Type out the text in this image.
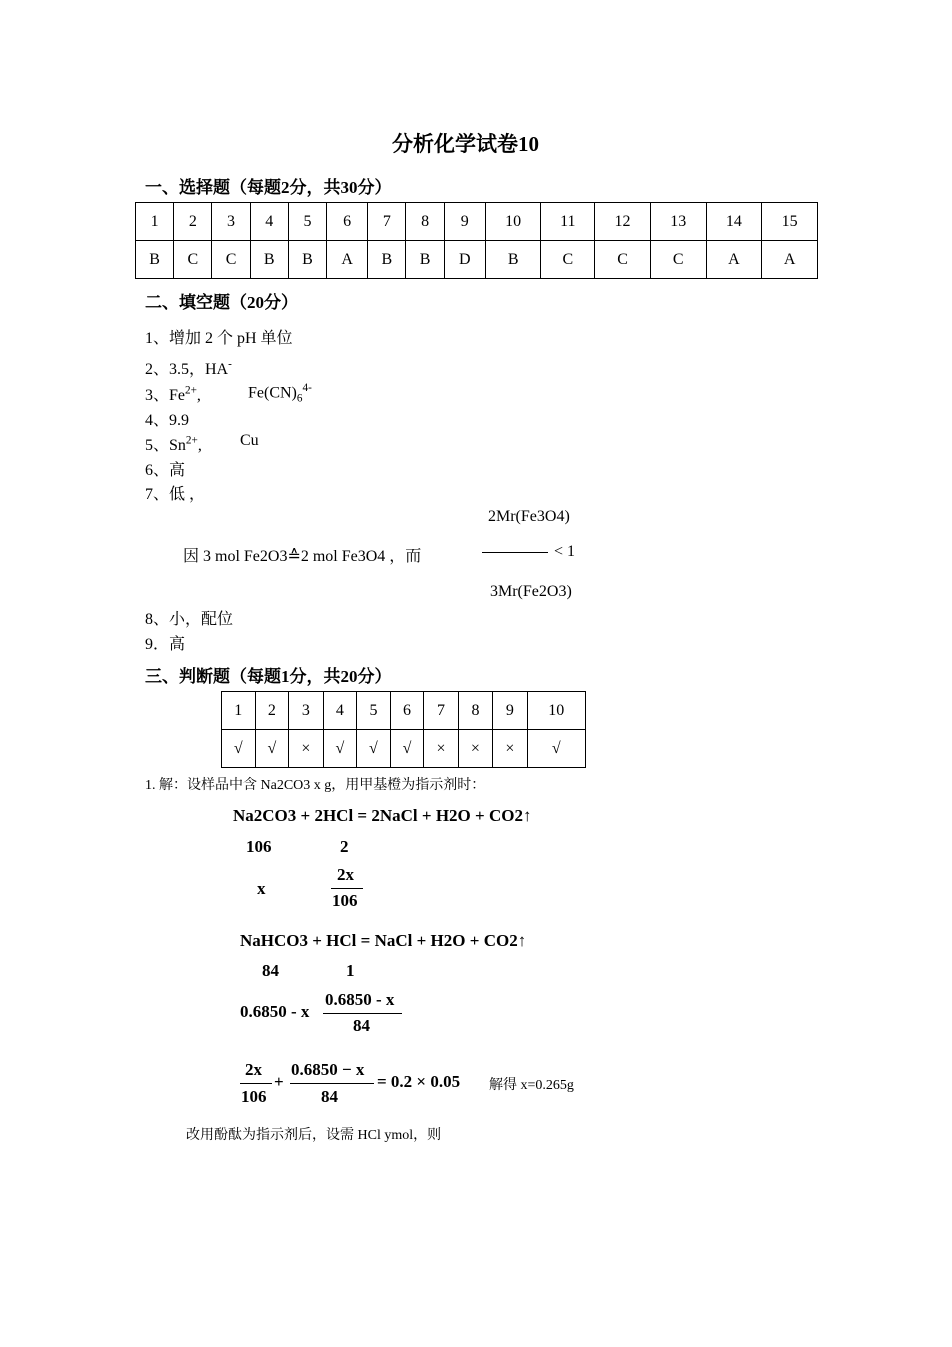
分析化学试卷10
一、选择题（每题2分，共30分）
1	2	3	4	5	6	7	8	9	10	11	12	13	14	15
B	C	C	B	B	A	B	B	D	B	C	C	C	A	A
二、填空题（20分）
1、增加 2 个 pH 单位
2、3.5，HA-
3、$Fe^{2+}$,	$Fe(CN)_6^{4-}$
4、9.9
5、$Sn^{2+}$, Cu
6、高
7、低 ，
2Mr(Fe3O4)
因 3 mol Fe2O3≙2 mol Fe3O4 ，而	< 1
3Mr(Fe2O3)
8、小，配位
9．高
三、判断题（每题1分，共20分）
1	2	3	4	5	6	7	8	9	10
√	√	×	√	√	√	×	×	×	√
1. 解：设样品中含 Na2CO3 x g，用甲基橙为指示剂时：
Na2CO3 + 2HCl = 2NaCl + H2O + CO2↑
106	2
x
2x
106
NaHCO3 + HCl = NaCl + H2O + CO2↑
84	1
0.6850 - x
0.6850 - x
84
2x
106
+
0.6850 − x
84
= 0.2 × 0.05 解得 x=0.265g
改用酚酞为指示剂后，设需 HCl ymol，则
